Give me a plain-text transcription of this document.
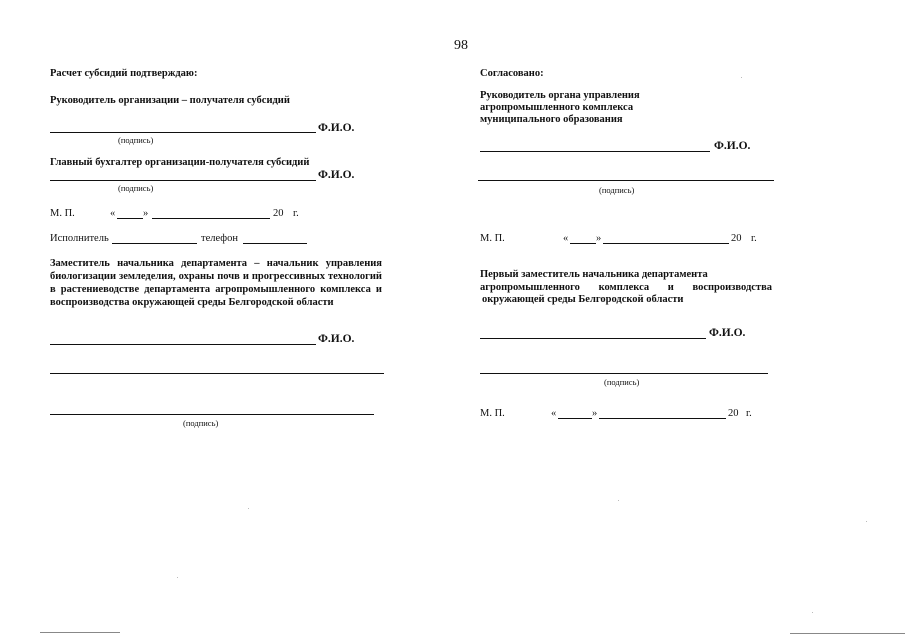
98
Расчет субсидий подтверждаю:
Руководитель организации – получателя субсидий
Ф.И.О.
(подпись)
Главный бухгалтер организации-получателя субсидий
Ф.И.О.
(подпись)
М. П.	«	»	20 г.
Исполнитель	телефон
Заместитель начальника департамента – начальник управления биологизации земледелия, охраны почв и прогрессивных технологий в растениеводстве департамента агропромышленного комплекса и воспроизводства окружающей среды Белгородской области
Ф.И.О.
(подпись)
Согласовано:
Руководитель органа управления
агропромышленного комплекса
муниципального образования
Ф.И.О.
(подпись)
М. П.	«	»	20 г.
Первый заместитель начальника департамента
агропромышленного комплекса и воспроизводства
окружающей среды Белгородской области
Ф.И.О.
(подпись)
М. П.	«	»	20 г.
